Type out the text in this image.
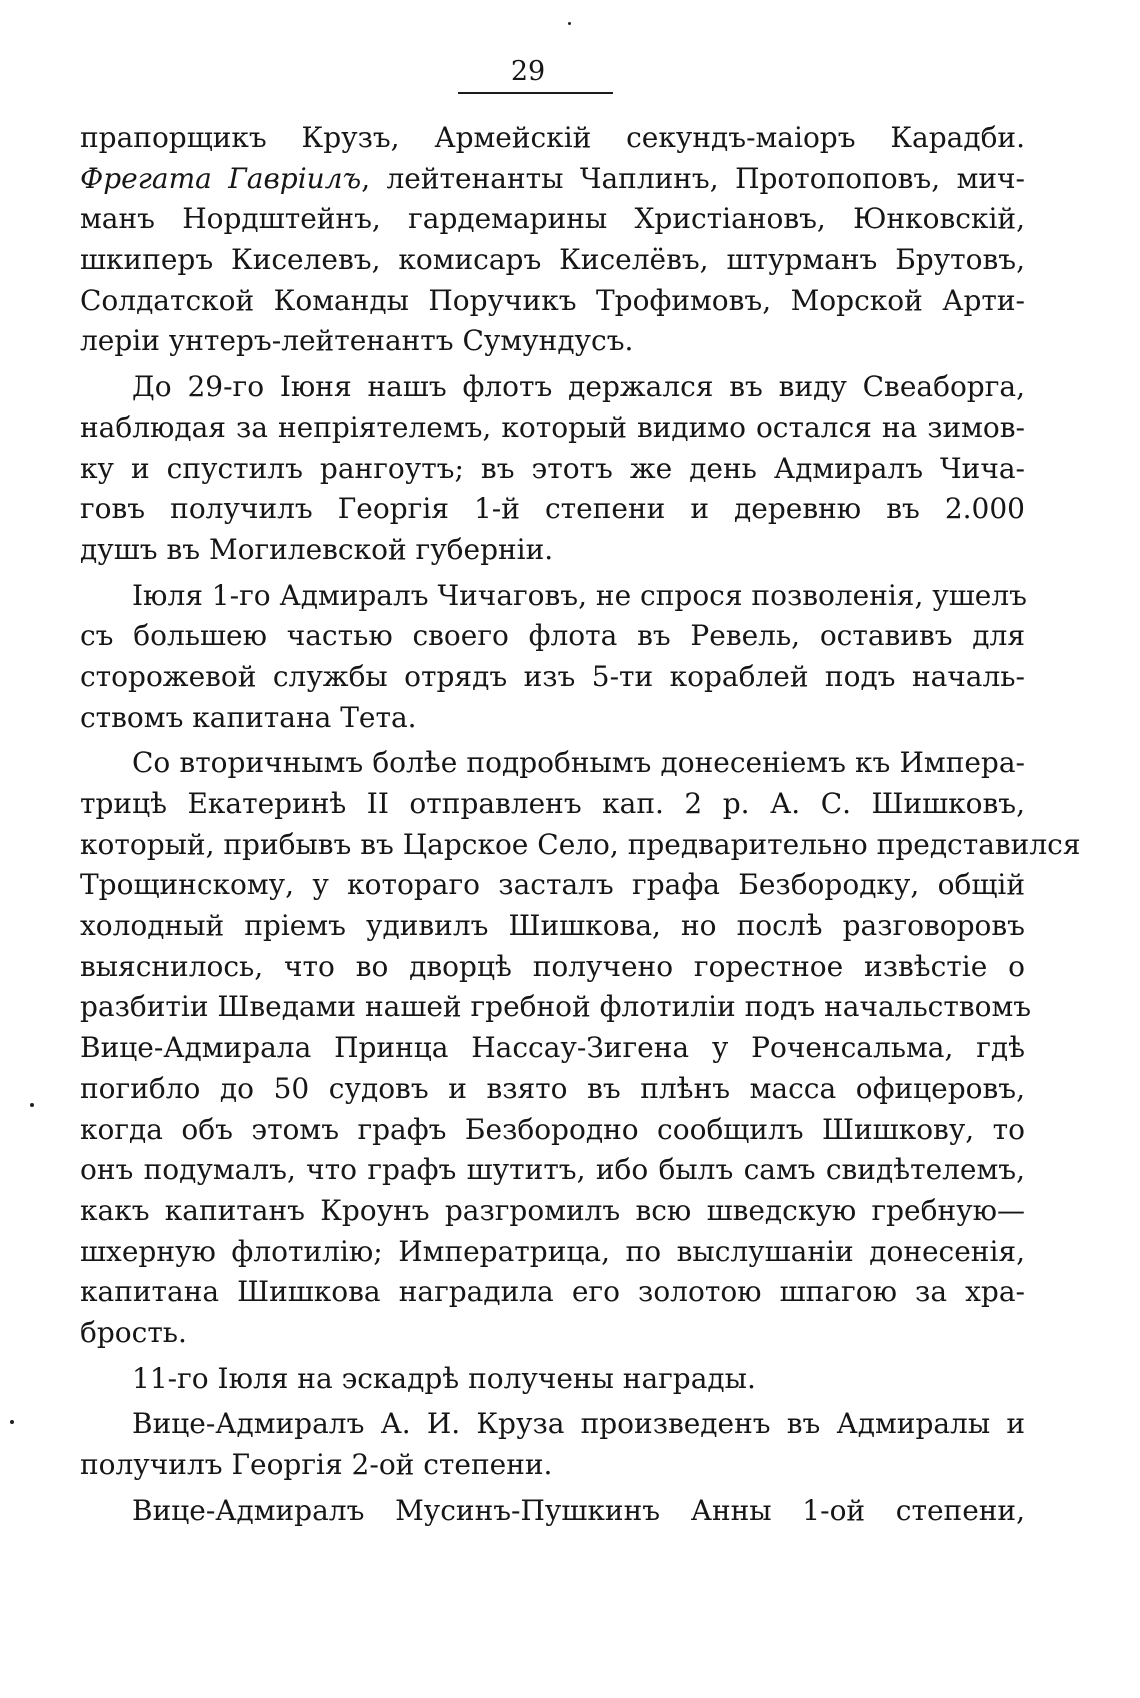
29
прапорщикъ Крузъ, Армейскій секундъ-маіоръ Карадби.
Фрегата Гавріилъ, лейтенанты Чаплинъ, Протопоповъ, мич-
манъ Нордштейнъ, гардемарины Христіановъ, Юнковскій,
шкиперъ Киселевъ, комисаръ Киселёвъ, штурманъ Брутовъ,
Солдатской Команды Поручикъ Трофимовъ, Морской Арти-
леріи унтеръ-лейтенантъ Сумундусъ.
До 29-го Іюня нашъ флотъ держался въ виду Свеаборга,
наблюдая за непріятелемъ, который видимо остался на зимов-
ку и спустилъ рангоутъ; въ этотъ же день Адмиралъ Чича-
говъ получилъ Георгія 1-й степени и деревню въ 2.000
душъ въ Могилевской губерніи.
Іюля 1-го Адмиралъ Чичаговъ, не спрося позволенія, ушелъ
съ большею частью своего флота въ Ревель, оставивъ для
сторожевой службы отрядъ изъ 5-ти кораблей подъ началь-
ствомъ капитана Тета.
Со вторичнымъ болѣе подробнымъ донесеніемъ къ Импера-
трицѣ Екатеринѣ II отправленъ кап. 2 р. А. С. Шишковъ,
который, прибывъ въ Царское Село, предварительно представился
Трощинскому, у котораго засталъ графа Безбородку, общій
холодный пріемъ удивилъ Шишкова, но послѣ разговоровъ
выяснилось, что во дворцѣ получено горестное извѣстіе о
разбитіи Шведами нашей гребной флотиліи подъ начальствомъ
Вице-Адмирала Принца Нассау-Зигена у Роченсальма, гдѣ
погибло до 50 судовъ и взято въ плѣнъ масса офицеровъ,
когда объ этомъ графъ Безбородно сообщилъ Шишкову, то
онъ подумалъ, что графъ шутитъ, ибо былъ самъ свидѣтелемъ,
какъ капитанъ Кроунъ разгромилъ всю шведскую гребную—
шхерную флотилію; Императрица, по выслушаніи донесенія,
капитана Шишкова наградила его золотою шпагою за хра-
брость.
11-го Іюля на эскадрѣ получены награды.
Вице-Адмиралъ А. И. Круза произведенъ въ Адмиралы и
получилъ Георгія 2-ой степени.
Вице-Адмиралъ Мусинъ-Пушкинъ Анны 1-ой степени,
